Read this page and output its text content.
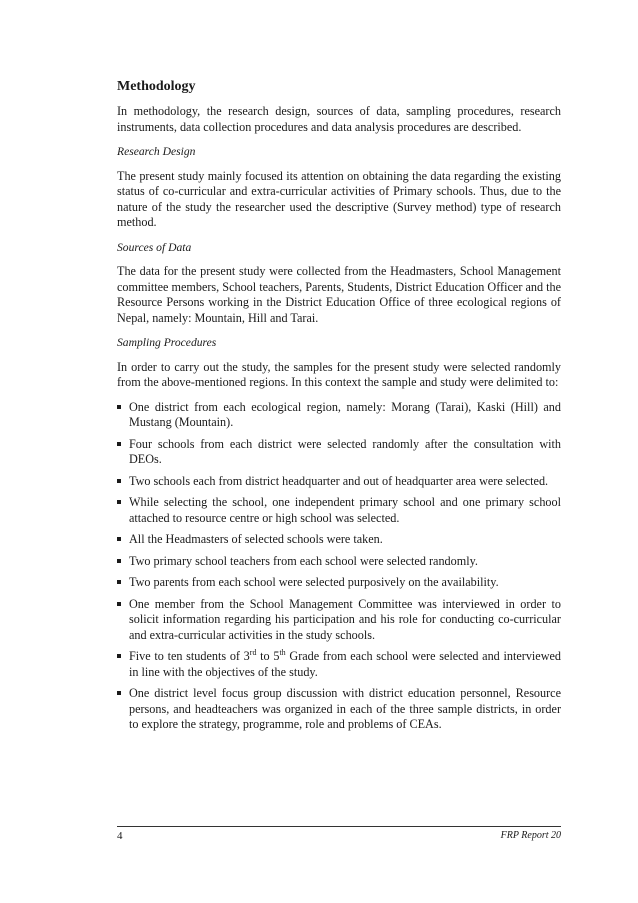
Methodology

In methodology, the research design, sources of data, sampling procedures, research instruments, data collection procedures and data analysis procedures are described.

Research Design

The present study mainly focused its attention on obtaining the data regarding the existing status of co-curricular and extra-curricular activities of Primary schools. Thus, due to the nature of the study the researcher used the descriptive (Survey method) type of research method.

Sources of Data

The data for the present study were collected from the Headmasters, School Management committee members, School teachers, Parents, Students, District Education Officer and the Resource Persons working in the District Education Office of three ecological regions of Nepal, namely: Mountain, Hill and Tarai.

Sampling Procedures

In order to carry out the study, the samples for the present study were selected randomly from the above-mentioned regions. In this context the sample and study were delimited to:

One district from each ecological region, namely: Morang (Tarai), Kaski (Hill) and Mustang (Mountain).
Four schools from each district were selected randomly after the consultation with DEOs.
Two schools each from district headquarter and out of headquarter area were selected.
While selecting the school, one independent primary school and one primary school attached to resource centre or high school was selected.
All the Headmasters of selected schools were taken.
Two primary school teachers from each school were selected randomly.
Two parents from each school were selected purposively on the availability.
One member from the School Management Committee was interviewed in order to solicit information regarding his participation and his role for conducting co-curricular and extra-curricular activities in the study schools.
Five to ten students of 3rd to 5th Grade from each school were selected and interviewed in line with the objectives of the study.
One district level focus group discussion with district education personnel, Resource persons, and headteachers was organized in each of the three sample districts, in order to explore the strategy, programme, role and problems of CEAs.
4	FRP Report 20
